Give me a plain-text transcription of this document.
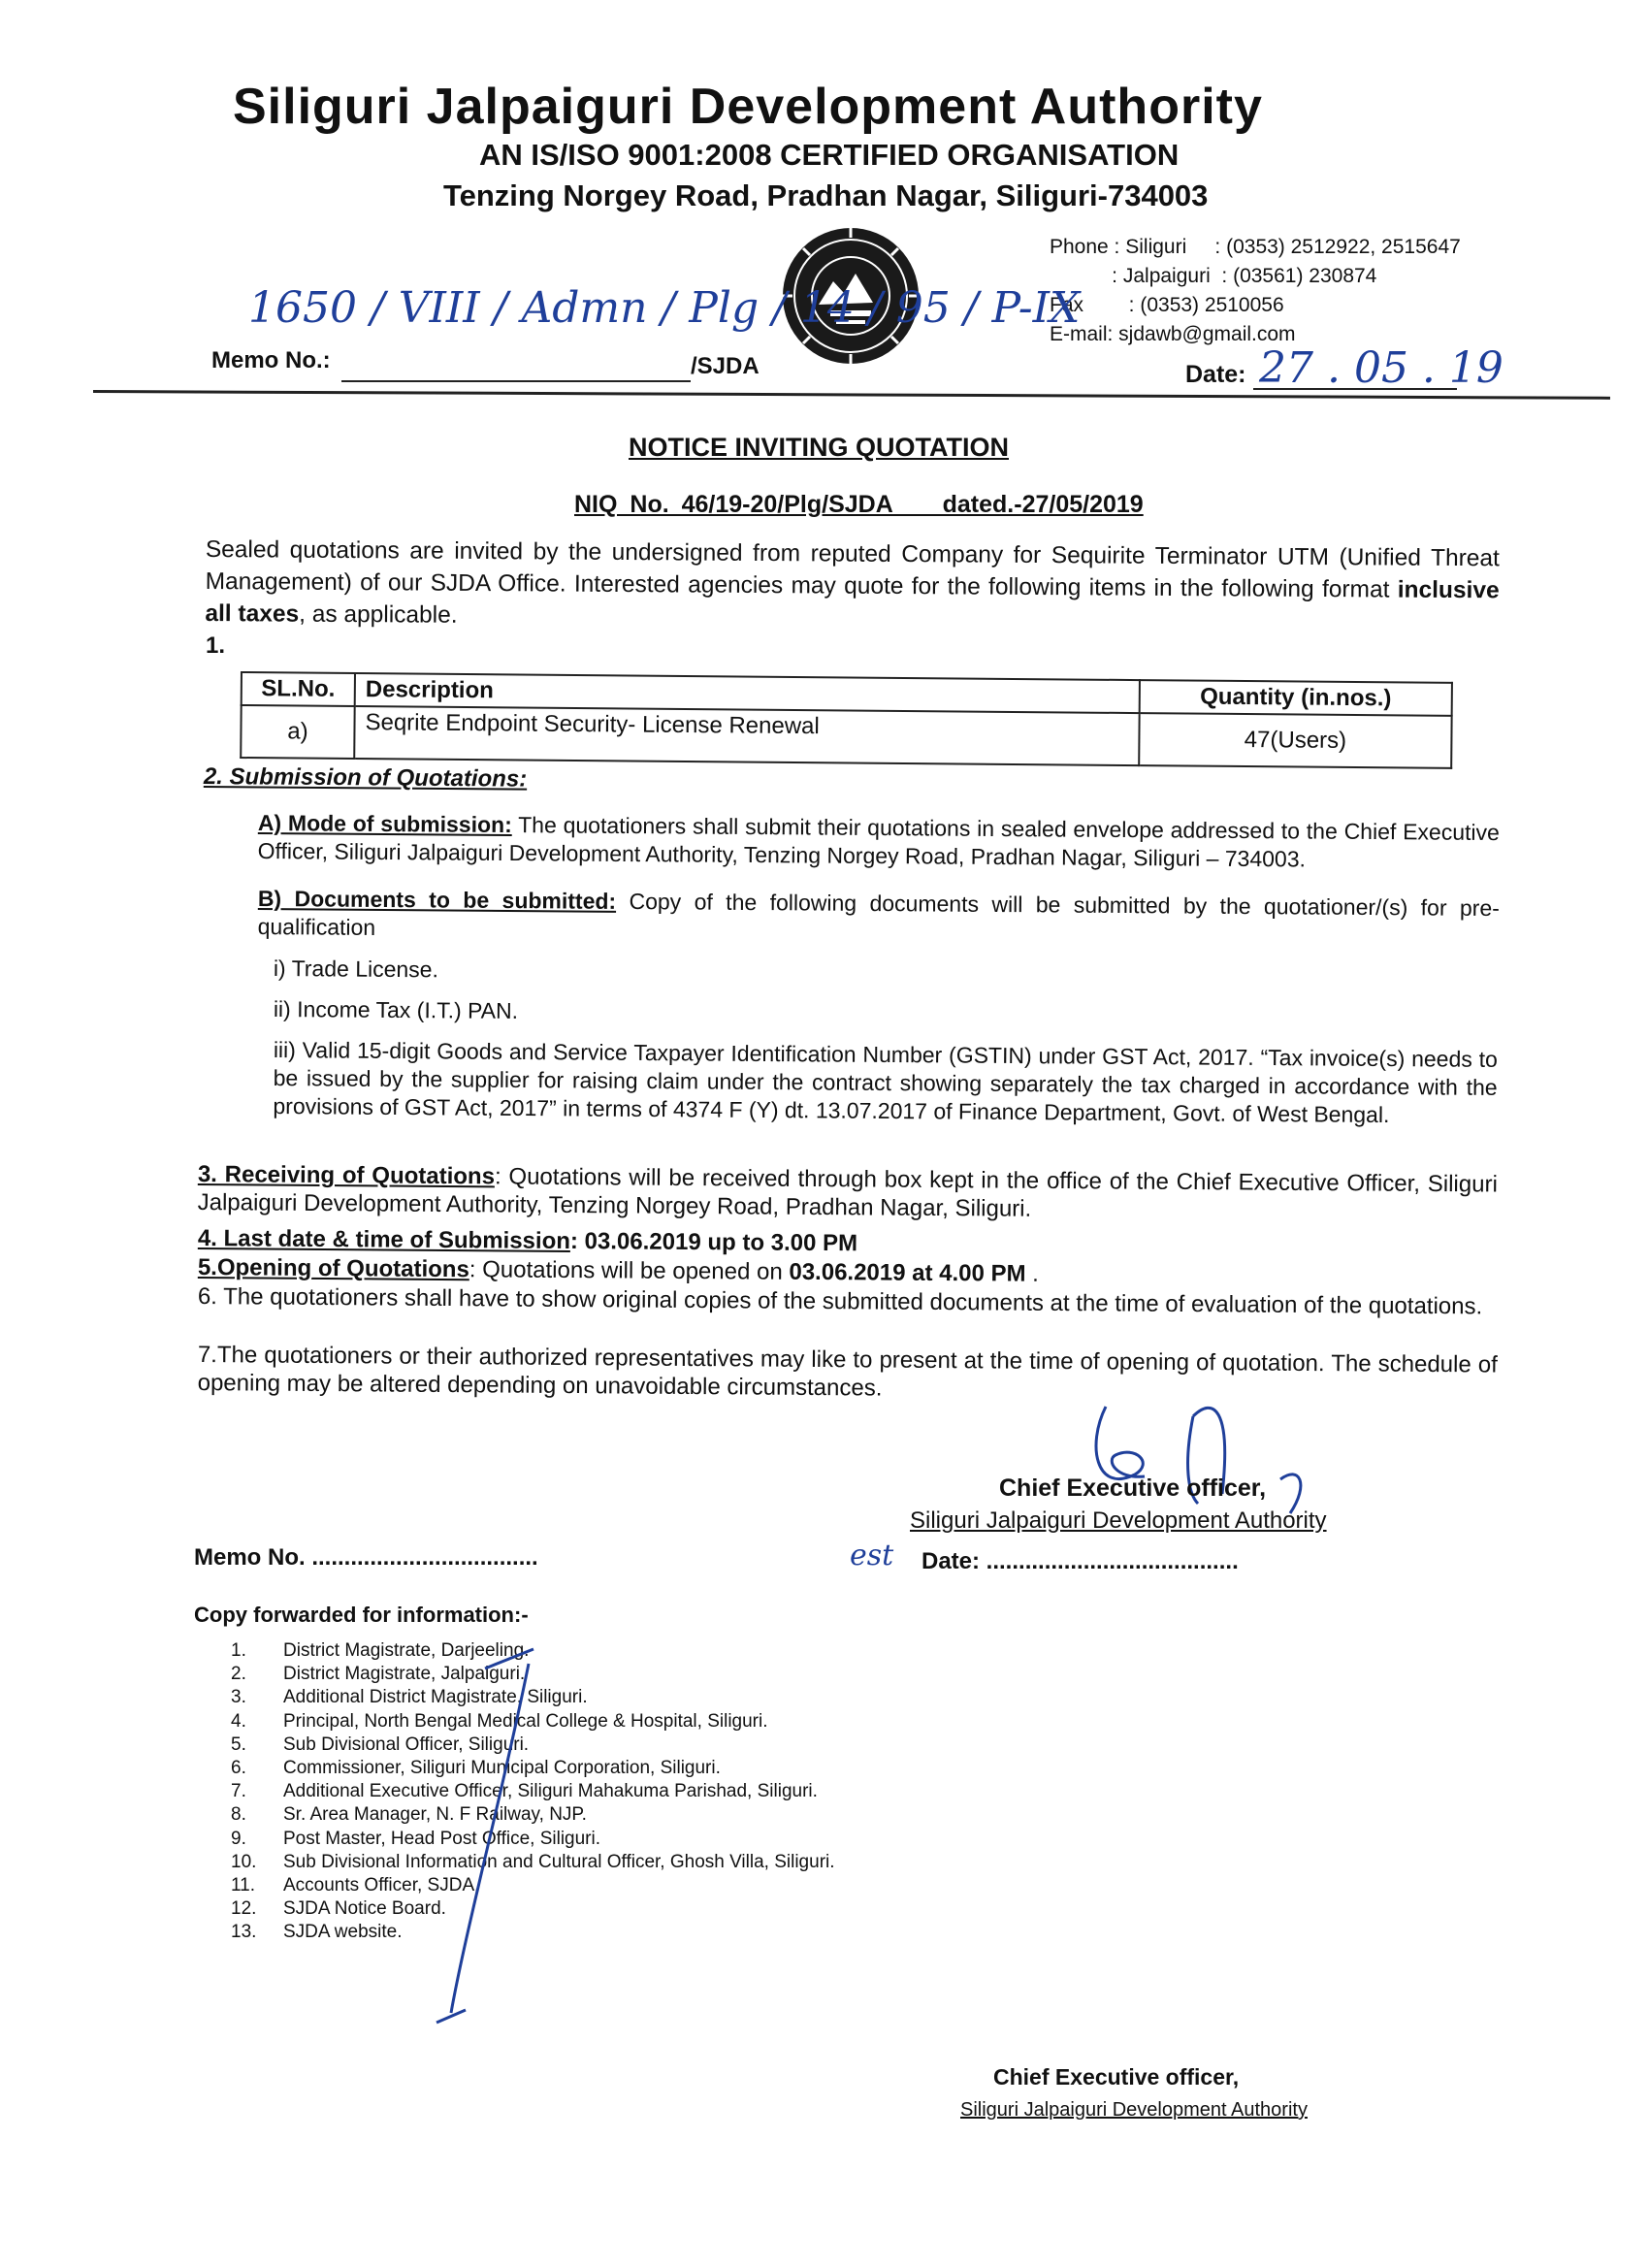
Siliguri Jalpaiguri Development Authority
AN IS/ISO 9001:2008 CERTIFIED ORGANISATION
Tenzing Norgey Road, Pradhan Nagar, Siliguri-734003
Phone : Siliguri     : (0353) 2512922, 2515647
: Jalpaiguri  : (03561) 230874
Fax        : (0353) 2510056
E-mail: sjdawb@gmail.com
1650 / VIII / Admn / Plg / 14 / 95 / P-IX
Memo No.:	/SJDA	Date: 27 . 05 . 19
NOTICE INVITING QUOTATION
NIQ No. 46/19-20/Plg/SJDA    dated.-27/05/2019
Sealed quotations are invited by the undersigned from reputed Company for Sequirite Terminator UTM (Unified Threat Management) of our SJDA Office. Interested agencies may quote for the following items in the following format inclusive all taxes, as applicable.
1.
SL.No.	Description	Quantity (in.nos.)
a)	Seqrite Endpoint Security- License Renewal	47(Users)
2. Submission of Quotations:
A) Mode of submission: The quotationers shall submit their quotations in sealed envelope addressed to the Chief Executive Officer, Siliguri Jalpaiguri Development Authority, Tenzing Norgey Road, Pradhan Nagar, Siliguri – 734003.
B) Documents to be submitted: Copy of the following documents will be submitted by the quotationer/(s) for pre-qualification
i) Trade License.
ii) Income Tax (I.T.) PAN.
iii) Valid 15-digit Goods and Service Taxpayer Identification Number (GSTIN) under GST Act, 2017. “Tax invoice(s) needs to be issued by the supplier for raising claim under the contract showing separately the tax charged in accordance with the provisions of GST Act, 2017” in terms of 4374 F (Y) dt. 13.07.2017 of Finance Department, Govt. of West Bengal.
3. Receiving of Quotations: Quotations will be received through box kept in the office of the Chief Executive Officer, Siliguri Jalpaiguri Development Authority, Tenzing Norgey Road, Pradhan Nagar, Siliguri.
4. Last date & time of Submission: 03.06.2019 up to 3.00 PM
5.Opening of Quotations: Quotations will be opened on 03.06.2019 at 4.00 PM .
6. The quotationers shall have to show original copies of the submitted documents at the time of evaluation of the quotations.
7.The quotationers or their authorized representatives may like to present at the time of opening of quotation. The schedule of opening may be altered depending on unavoidable circumstances.
Chief Executive officer,
Siliguri Jalpaiguri Development Authority
Memo No. ...................................	est Date: .......................................
Copy forwarded for information:-
1. District Magistrate, Darjeeling.
2. District Magistrate, Jalpaiguri.
3. Additional District Magistrate, Siliguri.
4. Principal, North Bengal Medical College & Hospital, Siliguri.
5. Sub Divisional Officer, Siliguri.
6. Commissioner, Siliguri Municipal Corporation, Siliguri.
7. Additional Executive Officer, Siliguri Mahakuma Parishad, Siliguri.
8. Sr. Area Manager, N. F Railway, NJP.
9. Post Master, Head Post Office, Siliguri.
10. Sub Divisional Information and Cultural Officer, Ghosh Villa, Siliguri.
11. Accounts Officer, SJDA.
12. SJDA Notice Board.
13. SJDA website.
Chief Executive officer,
Siliguri Jalpaiguri Development Authority
